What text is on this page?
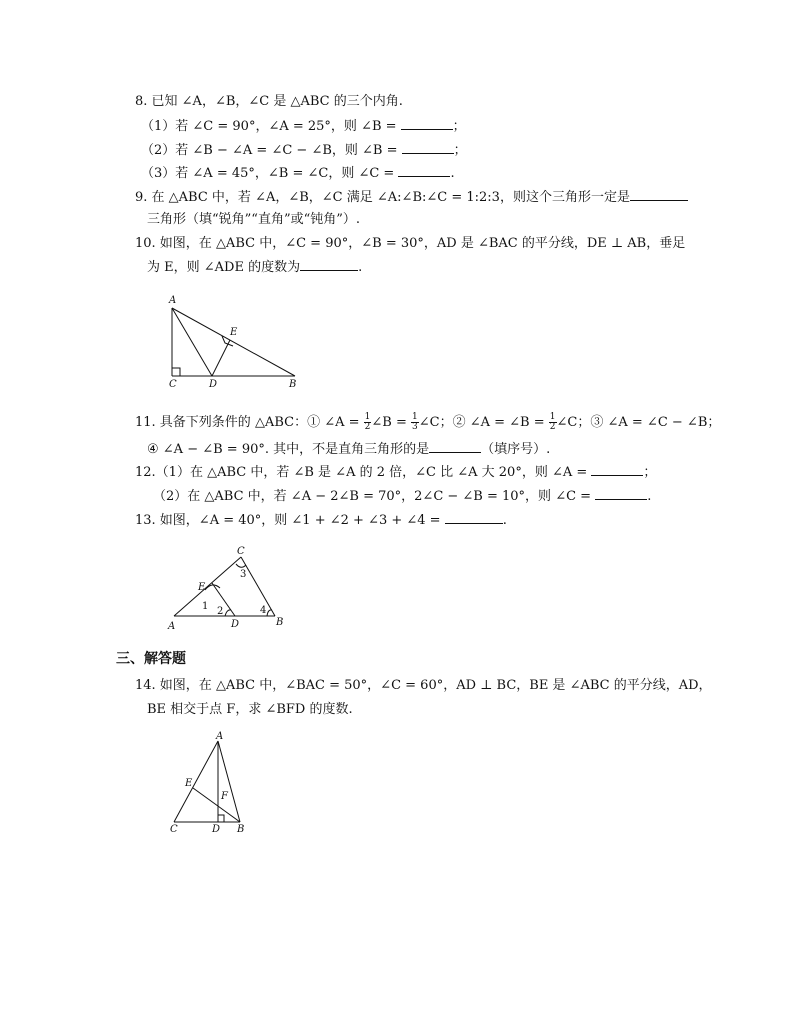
8. 已知 ∠A，∠B，∠C 是 △ABC 的三个内角.
（1）若 ∠C = 90°，∠A = 25°，则 ∠B =	；
（2）若 ∠B − ∠A = ∠C − ∠B，则 ∠B =	；
（3）若 ∠A = 45°，∠B = ∠C，则 ∠C =	.
9. 在 △ABC 中，若 ∠A，∠B，∠C 满足 ∠A:∠B:∠C = 1:2:3，则这个三角形一定是
三角形（填“锐角”“直角”或“钝角”）.
10. 如图，在 △ABC 中，∠C = 90°，∠B = 30°，AD 是 ∠BAC 的平分线，DE ⊥ AB，垂足
为 E，则 ∠ADE 的度数为	.
A
C	D	B
E
11. 具备下列条件的 △ABC：① ∠A = $\frac{1}{2}$ ∠B = $\frac{1}{3}$ ∠C；② ∠A = ∠B = $\frac{1}{2}$ ∠C；③ ∠A = ∠C − ∠B；
④ ∠A − ∠B = 90°. 其中，不是直角三角形的是	（填序号）.
12.（1）在 △ABC 中，若 ∠B 是 ∠A 的 2 倍，∠C 比 ∠A 大 20°，则 ∠A =	；
（2）在 △ABC 中，若 ∠A − 2∠B = 70°，2∠C − ∠B = 10°，则 ∠C =	.
13. 如图，∠A = 40°，则 ∠1 + ∠2 + ∠3 + ∠4 =	.
A	B
C
D
E
1 2
3
4
三、解答题
14. 如图，在 △ABC 中，∠BAC = 50°，∠C = 60°，AD ⊥ BC，BE 是 ∠ABC 的平分线，AD，
BE 相交于点 F，求 ∠BFD 的度数.
A
C	D B
E
F
